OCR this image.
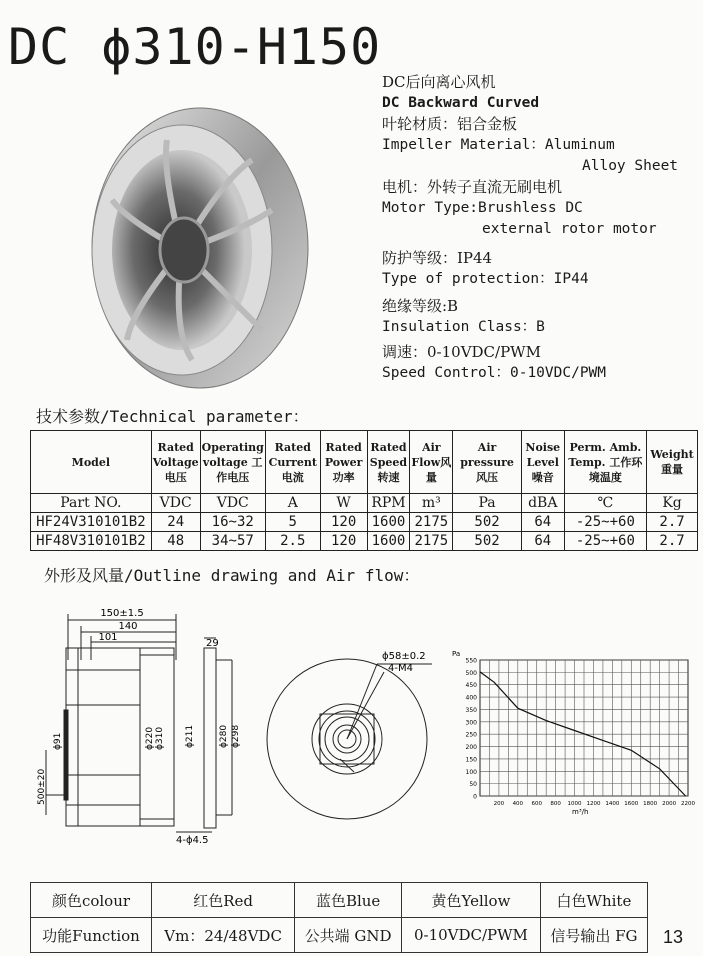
DC ϕ310-H150
DC后向离心风机
DC Backward Curved
叶轮材质：铝合金板
Impeller Material：Aluminum
Alloy Sheet
电机：外转子直流无刷电机
Motor Type:Brushless DC
external rotor motor
防护等级：IP44
Type of protection：IP44
绝缘等级:B
Insulation Class：B
调速：0-10VDC/PWM
Speed Control：0-10VDC/PWM
技术参数/Technical parameter：
Model	Rated Voltage 电压	Operating voltage 工作电压	Rated Current 电流	Rated Power 功率	Rated Speed 转速	Air Flow风量	Air pressure 风压	Noise Level 噪音	Perm. Amb. Temp. 工作环境温度	Weight 重量
Part NO.	VDC	VDC	A	W	RPM	m³	Pa	dBA	℃	Kg
HF24V310101B2	24	16~32	5	120	1600	2175	502	64	-25~+60	2.7
HF48V310101B2	48	34~57	2.5	120	1600	2175	502	64	-25~+60	2.7
外形及风量/Outline drawing and Air flow：
150±1.5
140
101
29
ϕ91	ϕ220 ϕ310 ϕ211	ϕ280 ϕ298
500±20
4-ϕ4.5
ϕ58±0.2
4-M4
Pa
m³/h
0
50
100
150
200
250
300
350
400
450
500
550
200 400 600 800 1000 1200 1400 1600 1800 2000 2200
颜色colour	红色Red	蓝色Blue	黄色Yellow	白色White
功能Function	Vm：24/48VDC	公共端 GND	0-10VDC/PWM	信号输出 FG 13
